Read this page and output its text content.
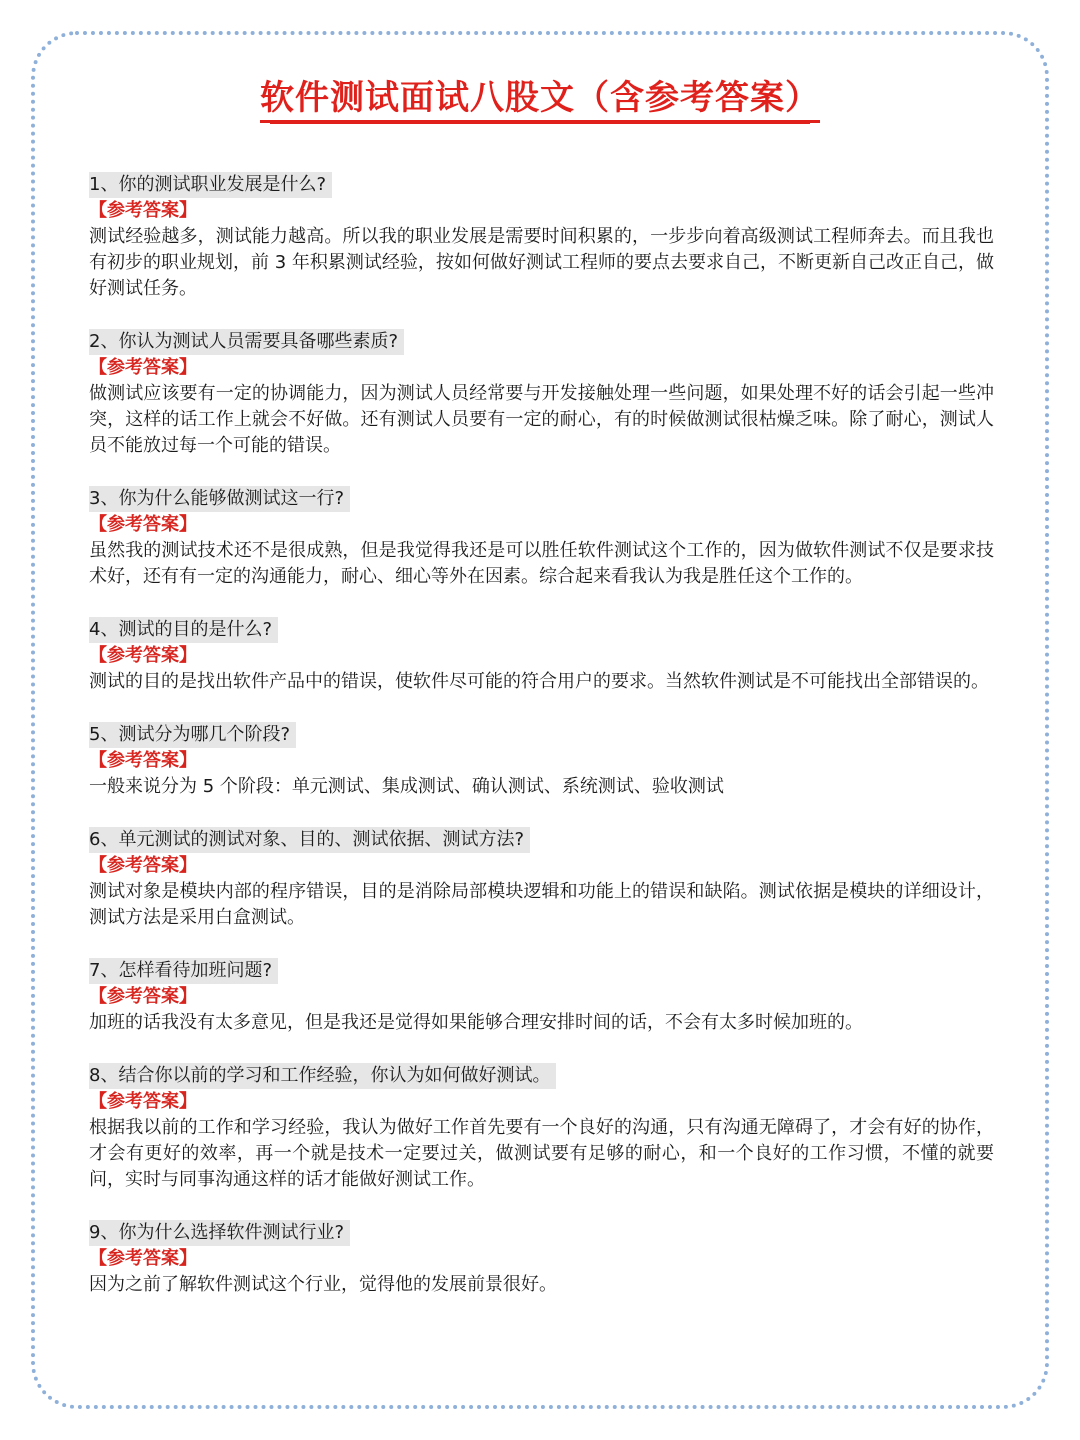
软件测试面试八股文（含参考答案）
1、你的测试职业发展是什么?
【参考答案】

测试经验越多，测试能力越高。所以我的职业发展是需要时间积累的，一步步向着高级测试工程师奔去。而且我也有初步的职业规划，前 3 年积累测试经验，按如何做好测试工程师的要点去要求自己，不断更新自己改正自己，做好测试任务。

2、你认为测试人员需要具备哪些素质?
【参考答案】

做测试应该要有一定的协调能力，因为测试人员经常要与开发接触处理一些问题，如果处理不好的话会引起一些冲突，这样的话工作上就会不好做。还有测试人员要有一定的耐心，有的时候做测试很枯燥乏味。除了耐心，测试人员不能放过每一个可能的错误。

3、你为什么能够做测试这一行?
【参考答案】

虽然我的测试技术还不是很成熟，但是我觉得我还是可以胜任软件测试这个工作的，因为做软件测试不仅是要求技术好，还有有一定的沟通能力，耐心、细心等外在因素。综合起来看我认为我是胜任这个工作的。

4、测试的目的是什么?
【参考答案】

测试的目的是找出软件产品中的错误，使软件尽可能的符合用户的要求。当然软件测试是不可能找出全部错误的。

5、测试分为哪几个阶段?
【参考答案】

一般来说分为 5 个阶段：单元测试、集成测试、确认测试、系统测试、验收测试

6、单元测试的测试对象、目的、测试依据、测试方法?
【参考答案】

测试对象是模块内部的程序错误，目的是消除局部模块逻辑和功能上的错误和缺陷。测试依据是模块的详细设计，测试方法是采用白盒测试。

7、怎样看待加班问题?
【参考答案】

加班的话我没有太多意见，但是我还是觉得如果能够合理安排时间的话，不会有太多时候加班的。

8、结合你以前的学习和工作经验，你认为如何做好测试。
【参考答案】

根据我以前的工作和学习经验，我认为做好工作首先要有一个良好的沟通，只有沟通无障碍了，才会有好的协作，才会有更好的效率，再一个就是技术一定要过关，做测试要有足够的耐心，和一个良好的工作习惯，不懂的就要问，实时与同事沟通这样的话才能做好测试工作。

9、你为什么选择软件测试行业?
【参考答案】

因为之前了解软件测试这个行业，觉得他的发展前景很好。
